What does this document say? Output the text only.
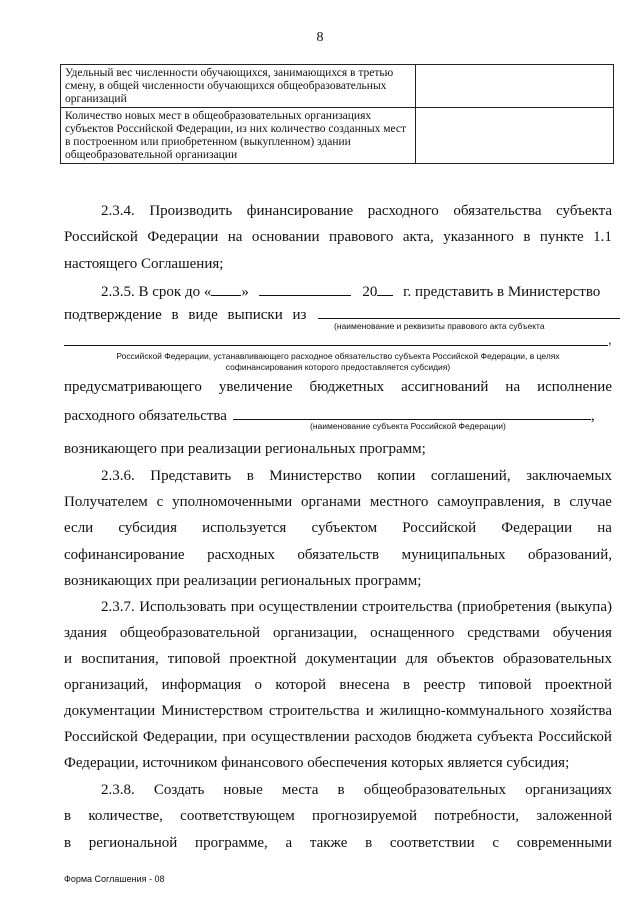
8
Удельный вес численности обучающихся, занимающихся в третью смену, в общей численности обучающихся общеобразовательных организаций	
Количество новых мест в общеобразовательных организациях субъектов Российской Федерации, из них количество созданных мест в построенном или приобретенном (выкупленном) здании общеобразовательной организации	
2.3.4. Производить финансирование расходного обязательства субъекта
Российской Федерации на основании правового акта, указанного в пункте 1.1
настоящего Соглашения;
2.3.5. В срок до « »	20 г. представить в Министерство
подтверждение в виде выписки из
(наименование и реквизиты правового акта субъекта
,
Российской Федерации, устанавливающего расходное обязательство субъекта Российской Федерации, в целях
софинансирования которого предоставляется субсидия)
предусматривающего увеличение бюджетных ассигнований на исполнение
расходного обязательства	,
(наименование субъекта Российской Федерации)
возникающего при реализации региональных программ;
2.3.6. Представить в Министерство копии соглашений, заключаемых
Получателем с уполномоченными органами местного самоуправления, в случае
если субсидия используется субъектом Российской Федерации на
софинансирование расходных обязательств муниципальных образований,
возникающих при реализации региональных программ;
2.3.7. Использовать при осуществлении строительства (приобретения (выкупа)
здания общеобразовательной организации, оснащенного средствами обучения
и воспитания, типовой проектной документации для объектов образовательных
организаций, информация о которой внесена в реестр типовой проектной
документации Министерством строительства и жилищно-коммунального хозяйства
Российской Федерации, при осуществлении расходов бюджета субъекта Российской
Федерации, источником финансового обеспечения которых является субсидия;
2.3.8. Создать новые места в общеобразовательных организациях
в количестве, соответствующем прогнозируемой потребности, заложенной
в региональной программе, а также в соответствии с современными
Форма Соглашения - 08
